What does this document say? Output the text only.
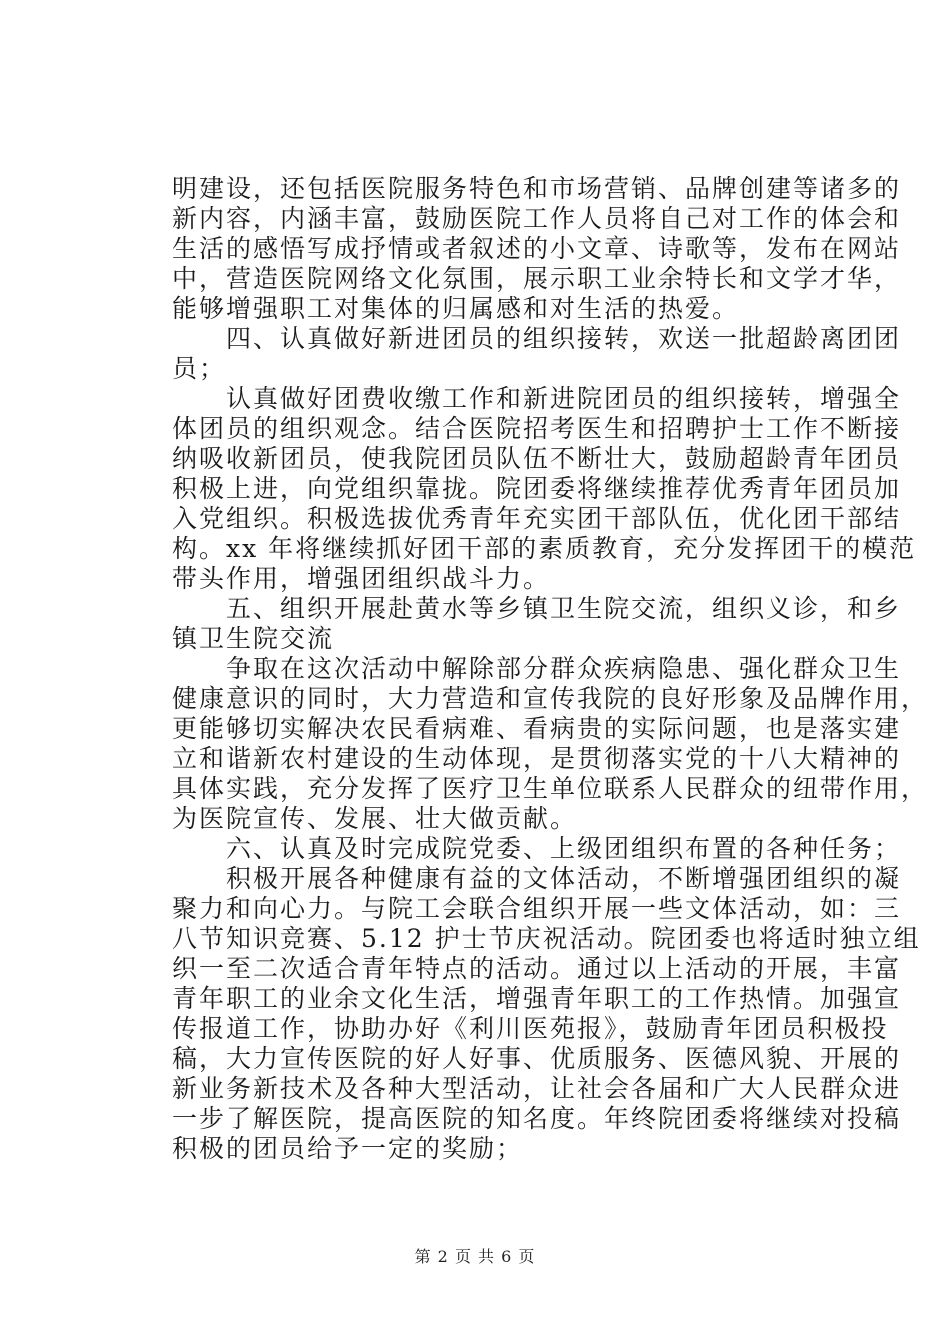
明建设，还包括医院服务特色和市场营销、品牌创建等诸多的
新内容，内涵丰富，鼓励医院工作人员将自己对工作的体会和
生活的感悟写成抒情或者叙述的小文章、诗歌等，发布在网站
中，营造医院网络文化氛围，展示职工业余特长和文学才华，
能够增强职工对集体的归属感和对生活的热爱。
　　四、认真做好新进团员的组织接转，欢送一批超龄离团团
员；
　　认真做好团费收缴工作和新进院团员的组织接转，增强全
体团员的组织观念。结合医院招考医生和招聘护士工作不断接
纳吸收新团员，使我院团员队伍不断壮大，鼓励超龄青年团员
积极上进，向党组织靠拢。院团委将继续推荐优秀青年团员加
入党组织。积极选拔优秀青年充实团干部队伍，优化团干部结
构。xx 年将继续抓好团干部的素质教育，充分发挥团干的模范
带头作用，增强团组织战斗力。
　　五、组织开展赴黄水等乡镇卫生院交流，组织义诊，和乡
镇卫生院交流
　　争取在这次活动中解除部分群众疾病隐患、强化群众卫生
健康意识的同时，大力营造和宣传我院的良好形象及品牌作用，
更能够切实解决农民看病难、看病贵的实际问题，也是落实建
立和谐新农村建设的生动体现，是贯彻落实党的十八大精神的
具体实践，充分发挥了医疗卫生单位联系人民群众的纽带作用，
为医院宣传、发展、壮大做贡献。
　　六、认真及时完成院党委、上级团组织布置的各种任务；
　　积极开展各种健康有益的文体活动，不断增强团组织的凝
聚力和向心力。与院工会联合组织开展一些文体活动，如：三
八节知识竞赛、5.12 护士节庆祝活动。院团委也将适时独立组
织一至二次适合青年特点的活动。通过以上活动的开展，丰富
青年职工的业余文化生活，增强青年职工的工作热情。加强宣
传报道工作，协助办好《利川医苑报》，鼓励青年团员积极投
稿，大力宣传医院的好人好事、优质服务、医德风貌、开展的
新业务新技术及各种大型活动，让社会各届和广大人民群众进
一步了解医院，提高医院的知名度。年终院团委将继续对投稿
积极的团员给予一定的奖励；
第 2 页 共 6 页
